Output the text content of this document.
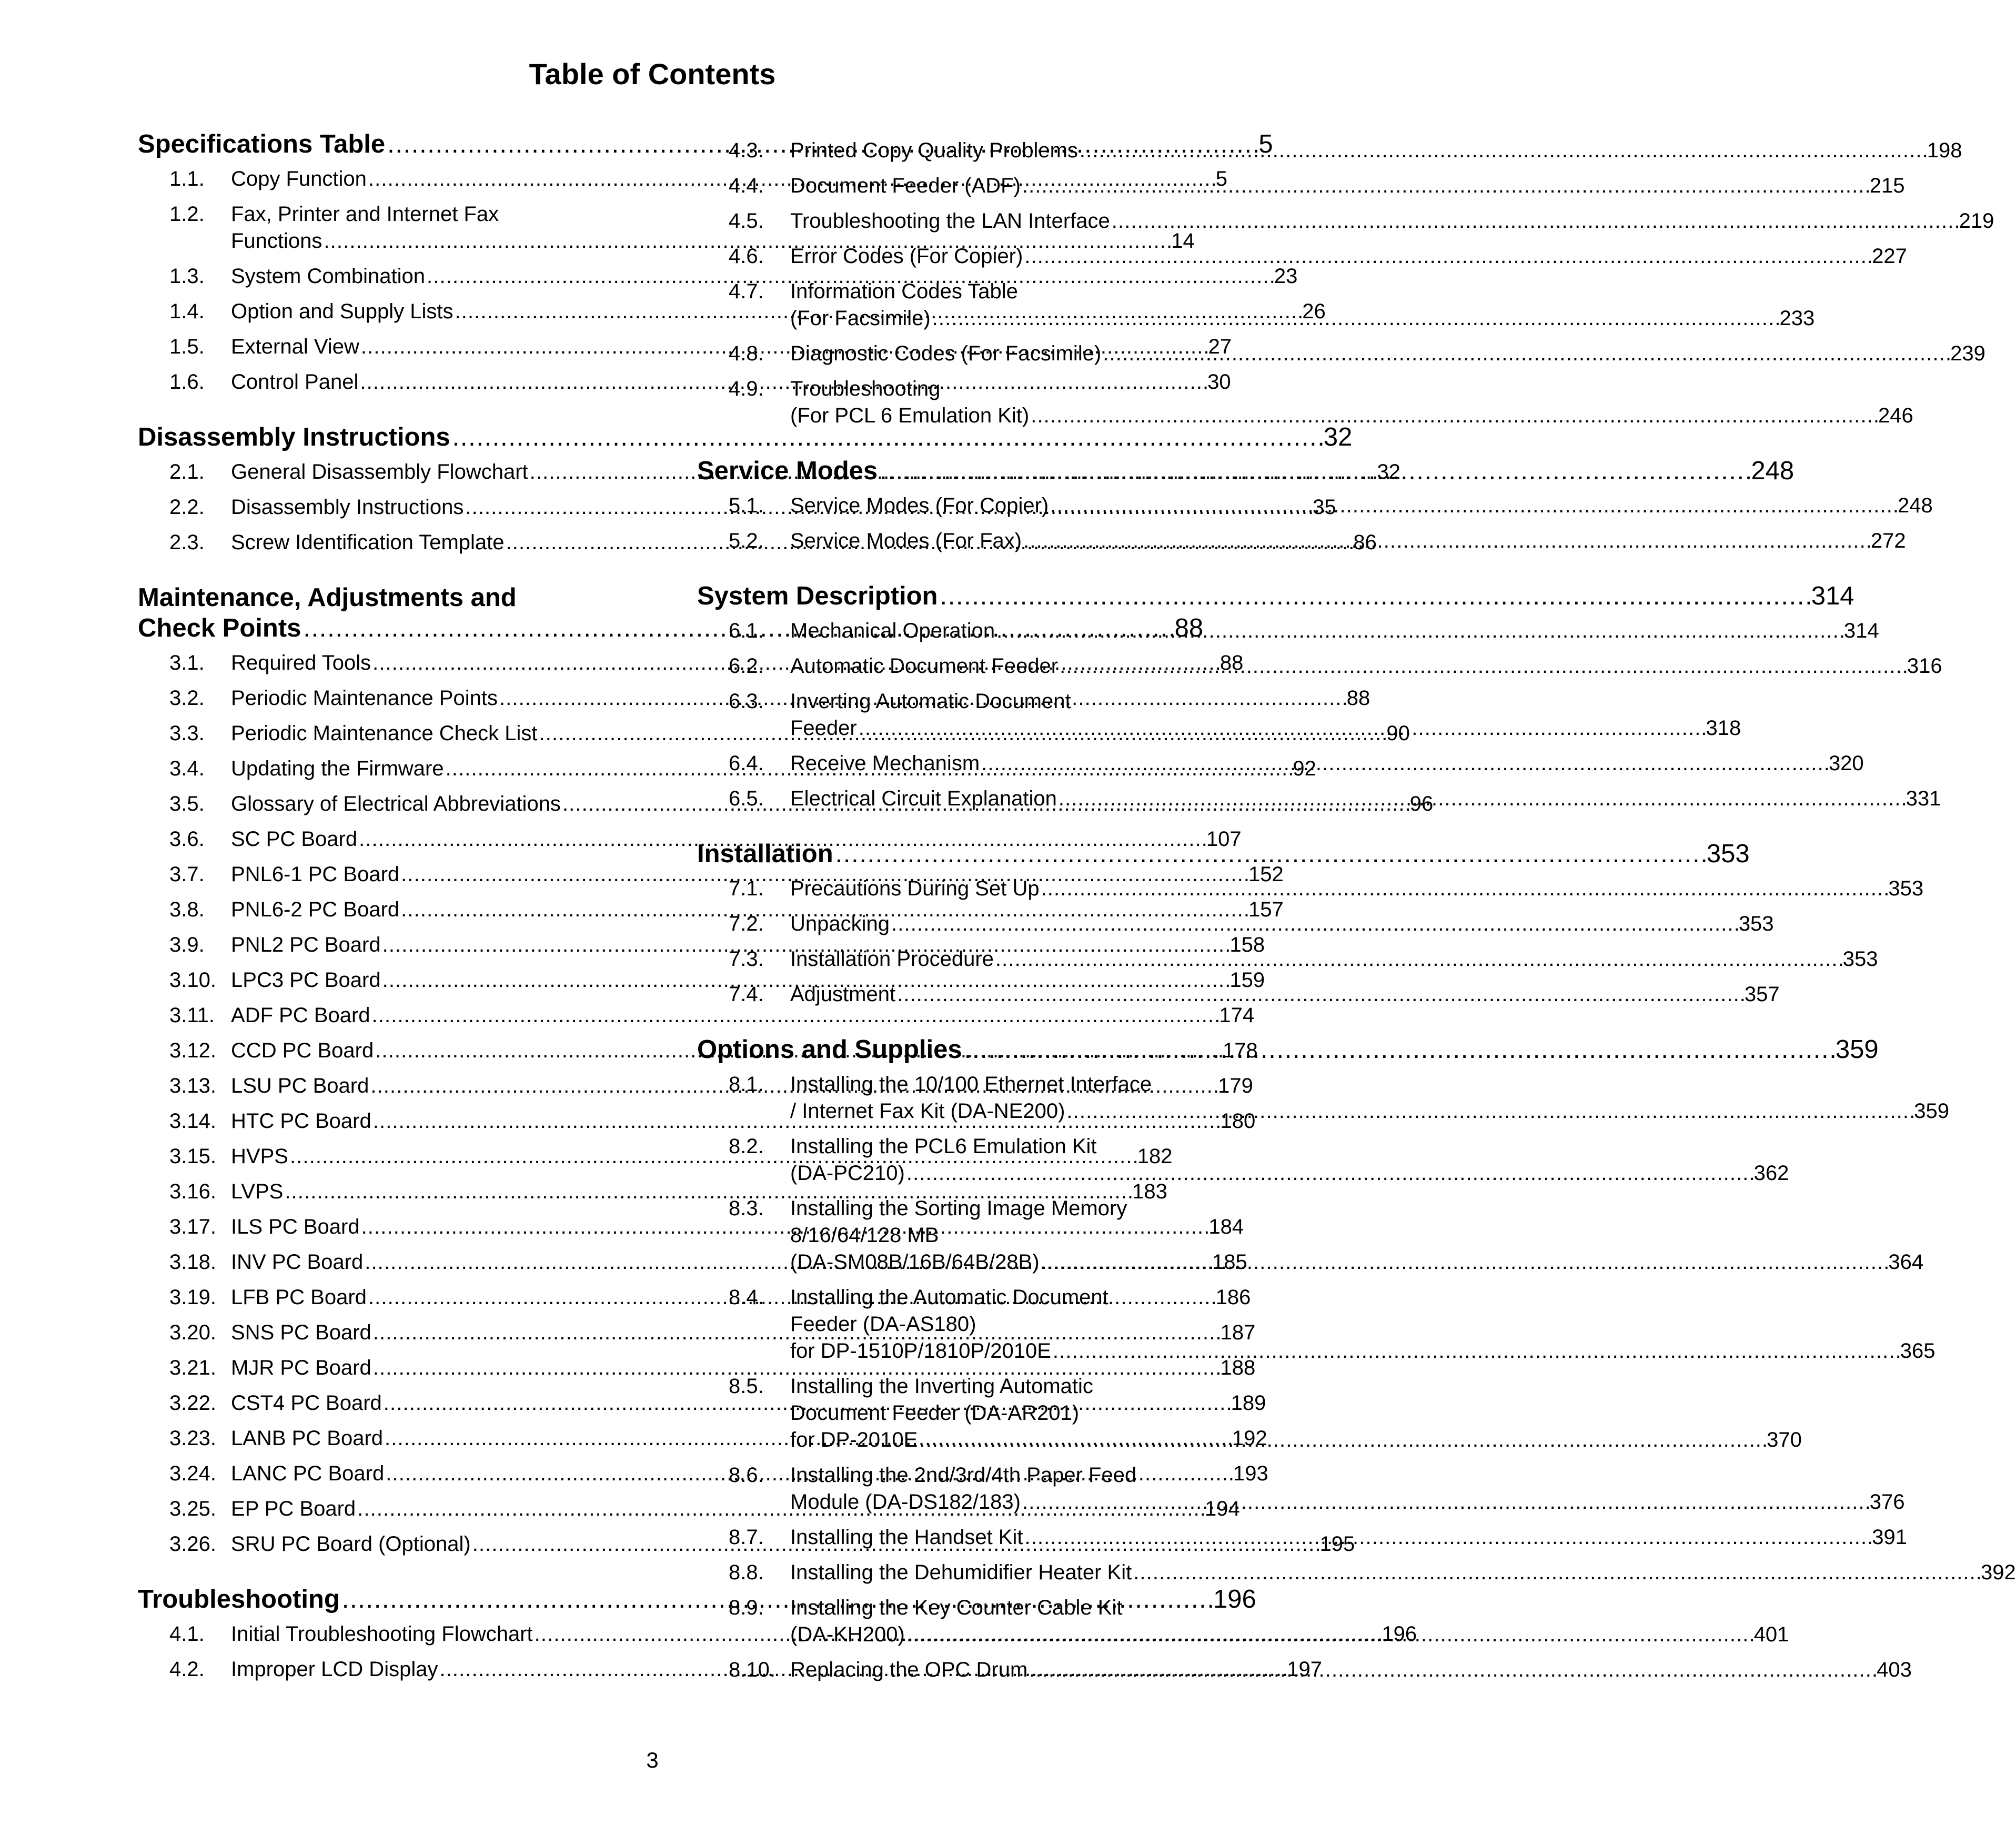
Table of Contents
Specifications Table . . .	5
1.1.	Copy Function . . .	5
1.2.	Fax, Printer and Internet Fax
Functions . . .	14
1.3.	System Combination . . .	23
1.4.	Option and Supply Lists . . .	26
1.5.	External View . . .	27
1.6.	Control Panel . . .	30
Disassembly Instructions . . .	32
2.1.	General Disassembly Flowchart . . .	32
2.2.	Disassembly Instructions . . .	35
2.3.	Screw Identification Template . . .	86
Maintenance, Adjustments and
Check Points . . .	88
3.1.	Required Tools . . .	88
3.2.	Periodic Maintenance Points . . .	88
3.3.	Periodic Maintenance Check List . . .	90
3.4.	Updating the Firmware . . .	92
3.5.	Glossary of Electrical Abbreviations . . .	96
3.6.	SC PC Board . . .	107
3.7.	PNL6-1 PC Board . . .	152
3.8.	PNL6-2 PC Board . . .	157
3.9.	PNL2 PC Board . . .	158
3.10. LPC3 PC Board . . .	159
3.11. ADF PC Board . . .	174
3.12. CCD PC Board . . .	178
3.13. LSU PC Board . . .	179
3.14. HTC PC Board . . .	180
3.15. HVPS . . .	182
3.16. LVPS . . .	183
3.17. ILS PC Board . . .	184
3.18. INV PC Board . . .	185
3.19. LFB PC Board . . .	186
3.20. SNS PC Board . . .	187
3.21. MJR PC Board . . .	188
3.22. CST4 PC Board . . .	189
3.23. LANB PC Board . . .	192
3.24. LANC PC Board . . .	193
3.25. EP PC Board . . .	194
3.26. SRU PC Board (Optional) . . .	195
Troubleshooting . . .	196
4.1.	Initial Troubleshooting Flowchart . . .	196
4.2.	Improper LCD Display . . .	197
4.3.	Printed Copy Quality Problems . . .	198
4.4.	Document Feeder (ADF) . . .	215
4.5.	Troubleshooting the LAN Interface . . .	219
4.6.	Error Codes (For Copier) . . .	227
4.7.	Information Codes Table
(For Facsimile) . . .	233
4.8.	Diagnostic Codes (For Facsimile) . . .	239
4.9.	Troubleshooting
(For PCL 6 Emulation Kit) . . .	246
Service Modes . . .	248
5.1.	Service Modes (For Copier) . . .	248
5.2.	Service Modes (For Fax) . . .	272
System Description . . .	314
6.1.	Mechanical Operation . . .	314
6.2.	Automatic Document Feeder . . .	316
6.3.	Inverting Automatic Document
Feeder . . .	318
6.4.	Receive Mechanism . . .	320
6.5.	Electrical Circuit Explanation . . .	331
Installation . . .	353
7.1.	Precautions During Set Up . . .	353
7.2.	Unpacking . . .	353
7.3.	Installation Procedure . . .	353
7.4.	Adjustment . . .	357
Options and Supplies . . .	359
8.1.	Installing the 10/100 Ethernet Interface
/ Internet Fax Kit (DA-NE200) . . .	359
8.2.	Installing the PCL6 Emulation Kit
(DA-PC210) . . .	362
8.3.	Installing the Sorting Image Memory
8/16/64/128 MB
(DA-SM08B/16B/64B/28B) . . .	364
8.4.	Installing the Automatic Document
Feeder (DA-AS180)
for DP-1510P/1810P/2010E . . .	365
8.5.	Installing the Inverting Automatic
Document Feeder (DA-AR201)
for DP-2010E . . .	370
8.6.	Installing the 2nd/3rd/4th Paper Feed
Module (DA-DS182/183) . . .	376
8.7.	Installing the Handset Kit . . .	391
8.8.	Installing the Dehumidifier Heater Kit . . .	392
8.9.	Installing the Key Counter Cable Kit
(DA-KH200) . . .	401
8.10. Replacing the OPC Drum . . .	403
3
